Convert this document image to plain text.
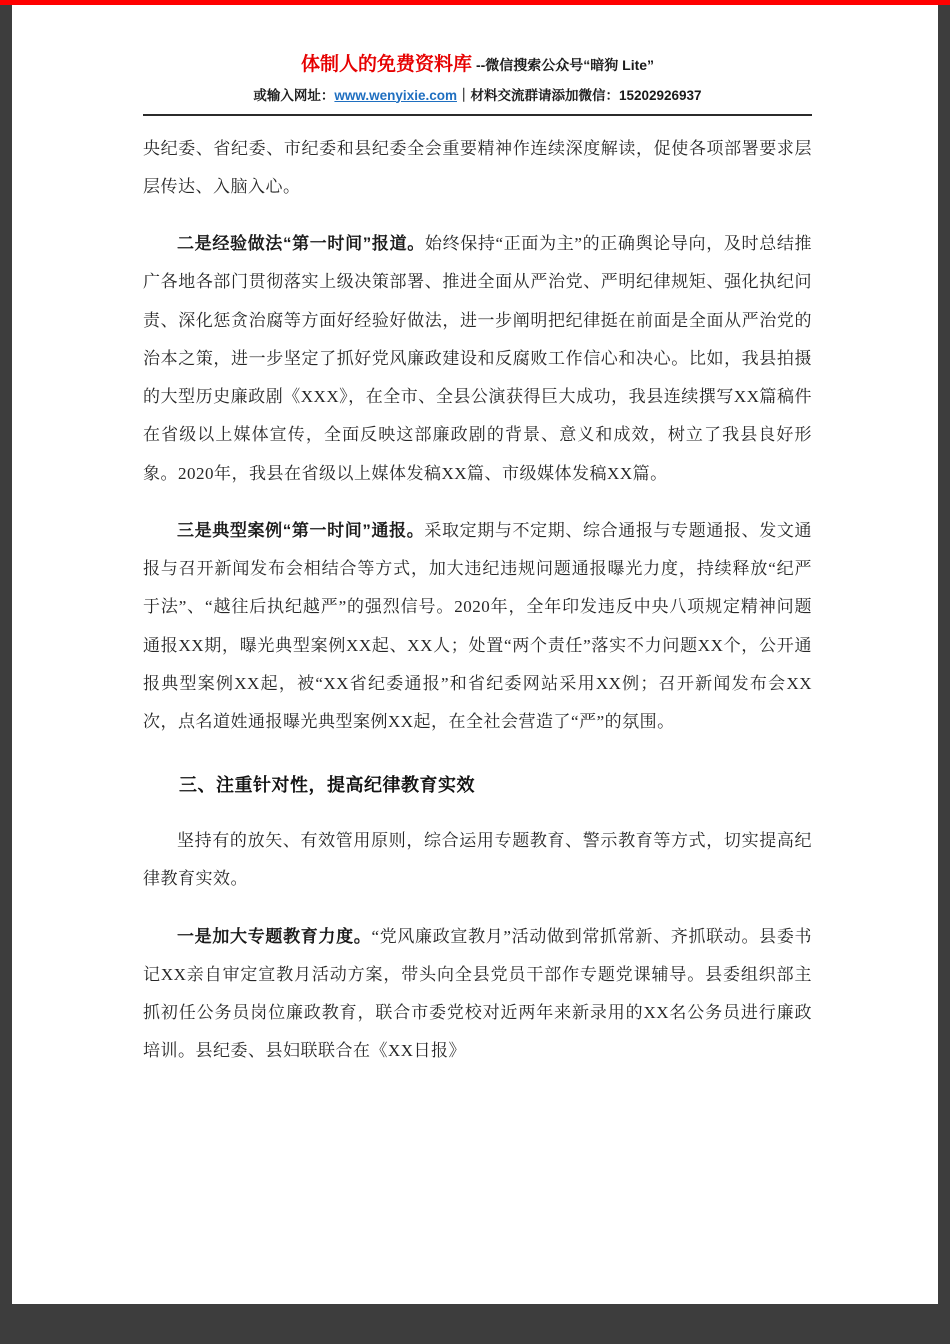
体制人的免费资料库 --微信搜索公众号“暗狗 Lite”
或输入网址：www.wenyixie.com｜材料交流群请添加微信：15202926937

央纪委、省纪委、市纪委和县纪委全会重要精神作连续深度解读，促使各项部署要求层层传达、入脑入心。

二是经验做法“第一时间”报道。始终保持“正面为主”的正确舆论导向，及时总结推广各地各部门贯彻落实上级决策部署、推进全面从严治党、严明纪律规矩、强化执纪问责、深化惩贪治腐等方面好经验好做法，进一步阐明把纪律挺在前面是全面从严治党的治本之策，进一步坚定了抓好党风廉政建设和反腐败工作信心和决心。比如，我县拍摄的大型历史廉政剧《XXX》，在全市、全县公演获得巨大成功，我县连续撰写XX篇稿件在省级以上媒体宣传，全面反映这部廉政剧的背景、意义和成效，树立了我县良好形象。2020年，我县在省级以上媒体发稿XX篇、市级媒体发稿XX篇。

三是典型案例“第一时间”通报。采取定期与不定期、综合通报与专题通报、发文通报与召开新闻发布会相结合等方式，加大违纪违规问题通报曝光力度，持续释放“纪严于法”、“越往后执纪越严”的强烈信号。2020年，全年印发违反中央八项规定精神问题通报XX期，曝光典型案例XX起、XX人；处置“两个责任”落实不力问题XX个，公开通报典型案例XX起，被“XX省纪委通报”和省纪委网站采用XX例；召开新闻发布会XX次，点名道姓通报曝光典型案例XX起，在全社会营造了“严”的氛围。

三、注重针对性，提高纪律教育实效

坚持有的放矢、有效管用原则，综合运用专题教育、警示教育等方式，切实提高纪律教育实效。

一是加大专题教育力度。“党风廉政宣教月”活动做到常抓常新、齐抓联动。县委书记XX亲自审定宣教月活动方案，带头向全县党员干部作专题党课辅导。县委组织部主抓初任公务员岗位廉政教育，联合市委党校对近两年来新录用的XX名公务员进行廉政培训。县纪委、县妇联联合在《XX日报》
